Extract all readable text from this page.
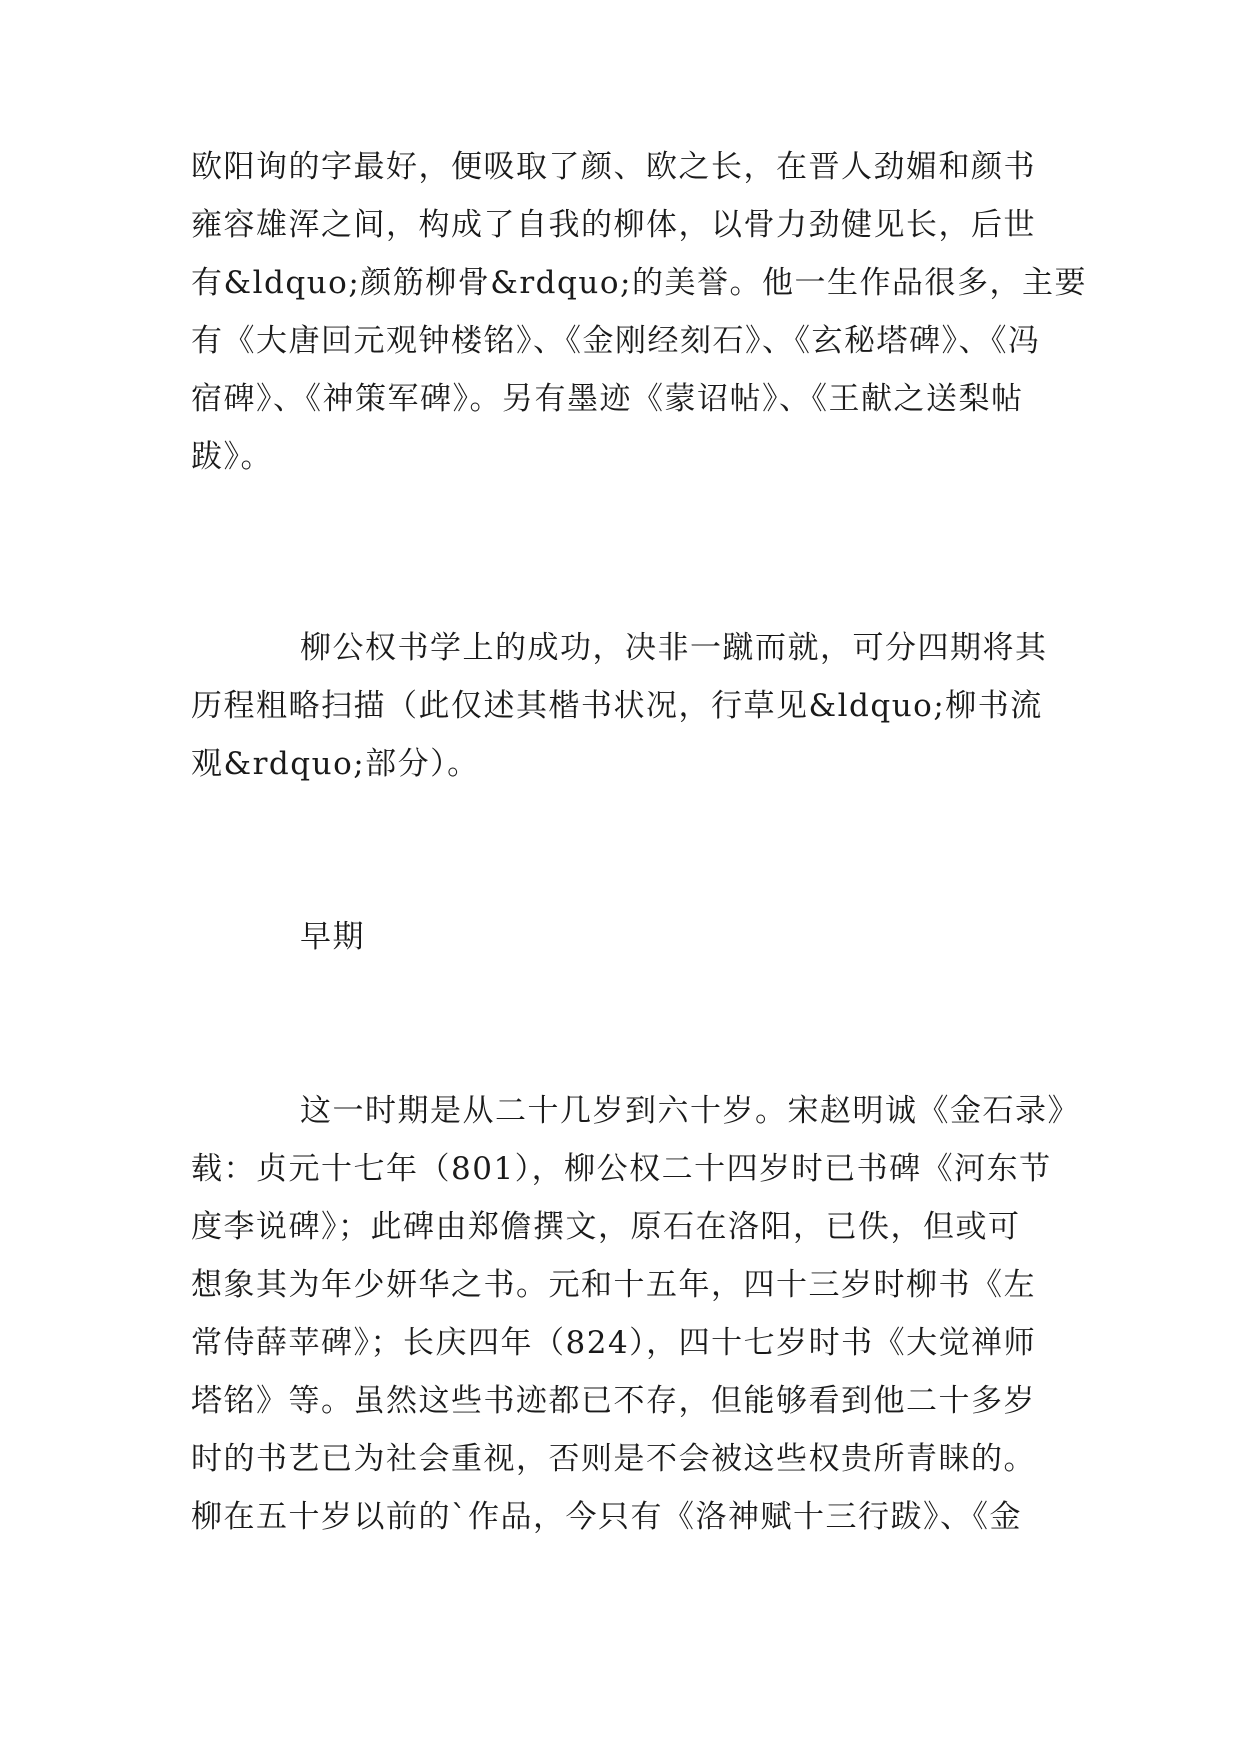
欧阳询的字最好，便吸取了颜、欧之长，在晋人劲媚和颜书
雍容雄浑之间，构成了自我的柳体，以骨力劲健见长，后世
有&ldquo;颜筋柳骨&rdquo;的美誉。他一生作品很多，主要
有《大唐回元观钟楼铭》、《金刚经刻石》、《玄秘塔碑》、《冯
宿碑》、《神策军碑》。另有墨迹《蒙诏帖》、《王献之送梨帖
跋》。
柳公权书学上的成功，决非一蹴而就，可分四期将其
历程粗略扫描（此仅述其楷书状况，行草见&ldquo;柳书流
观&rdquo;部分）。
早期
这一时期是从二十几岁到六十岁。宋赵明诚《金石录》
载：贞元十七年（801），柳公权二十四岁时已书碑《河东节
度李说碑》；此碑由郑儋撰文，原石在洛阳，已佚，但或可
想象其为年少妍华之书。元和十五年，四十三岁时柳书《左
常侍薛苹碑》；长庆四年（824），四十七岁时书《大觉禅师
塔铭》等。虽然这些书迹都已不存，但能够看到他二十多岁
时的书艺已为社会重视，否则是不会被这些权贵所青睐的。
柳在五十岁以前的`作品，今只有《洛神赋十三行跋》、《金
